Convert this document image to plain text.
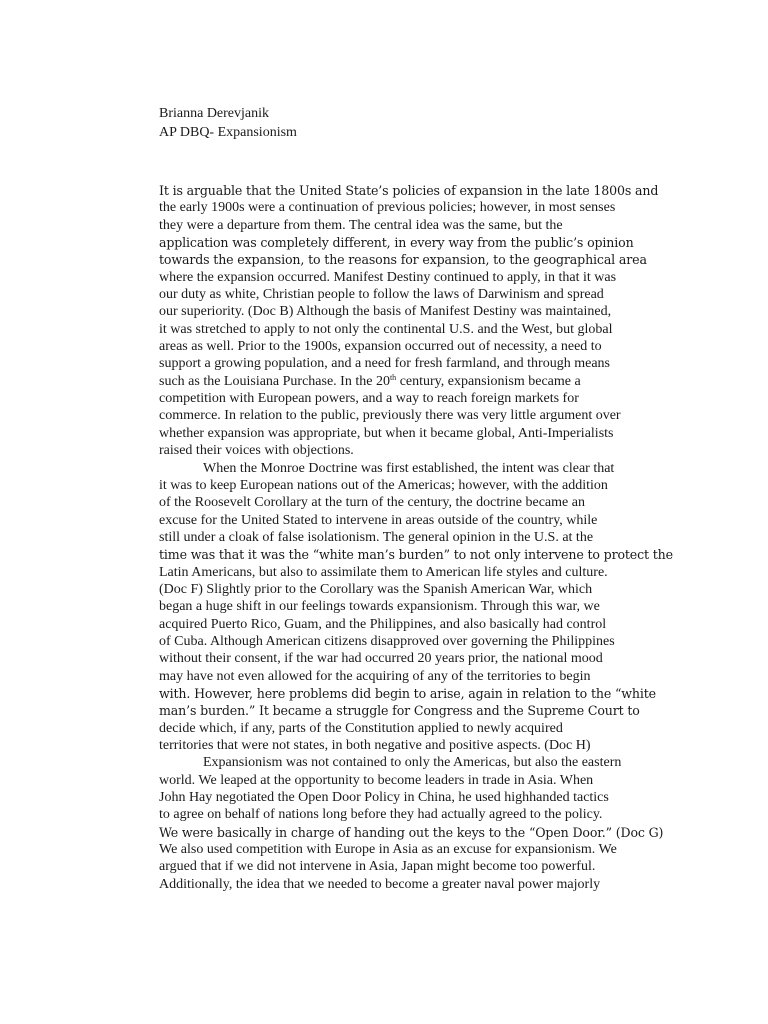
Brianna Derevjanik
AP DBQ- Expansionism
It is arguable that the United State’s policies of expansion in the late 1800s and
the early 1900s were a continuation of previous policies; however, in most senses
they were a departure from them. The central idea was the same, but the
application was completely different, in every way from the public’s opinion
towards the expansion, to the reasons for expansion, to the geographical area
where the expansion occurred. Manifest Destiny continued to apply, in that it was
our duty as white, Christian people to follow the laws of Darwinism and spread
our superiority. (Doc B) Although the basis of Manifest Destiny was maintained,
it was stretched to apply to not only the continental U.S. and the West, but global
areas as well. Prior to the 1900s, expansion occurred out of necessity, a need to
support a growing population, and a need for fresh farmland, and through means
such as the Louisiana Purchase. In the 20th century, expansionism became a
competition with European powers, and a way to reach foreign markets for
commerce. In relation to the public, previously there was very little argument over
whether expansion was appropriate, but when it became global, Anti-Imperialists
raised their voices with objections.
When the Monroe Doctrine was first established, the intent was clear that
it was to keep European nations out of the Americas; however, with the addition
of the Roosevelt Corollary at the turn of the century, the doctrine became an
excuse for the United Stated to intervene in areas outside of the country, while
still under a cloak of false isolationism. The general opinion in the U.S. at the
time was that it was the “white man’s burden” to not only intervene to protect the
Latin Americans, but also to assimilate them to American life styles and culture.
(Doc F) Slightly prior to the Corollary was the Spanish American War, which
began a huge shift in our feelings towards expansionism. Through this war, we
acquired Puerto Rico, Guam, and the Philippines, and also basically had control
of Cuba. Although American citizens disapproved over governing the Philippines
without their consent, if the war had occurred 20 years prior, the national mood
may have not even allowed for the acquiring of any of the territories to begin
with. However, here problems did begin to arise, again in relation to the “white
man’s burden.” It became a struggle for Congress and the Supreme Court to
decide which, if any, parts of the Constitution applied to newly acquired
territories that were not states, in both negative and positive aspects. (Doc H)
Expansionism was not contained to only the Americas, but also the eastern
world. We leaped at the opportunity to become leaders in trade in Asia. When
John Hay negotiated the Open Door Policy in China, he used highhanded tactics
to agree on behalf of nations long before they had actually agreed to the policy.
We were basically in charge of handing out the keys to the “Open Door.” (Doc G)
We also used competition with Europe in Asia as an excuse for expansionism. We
argued that if we did not intervene in Asia, Japan might become too powerful.
Additionally, the idea that we needed to become a greater naval power majorly
